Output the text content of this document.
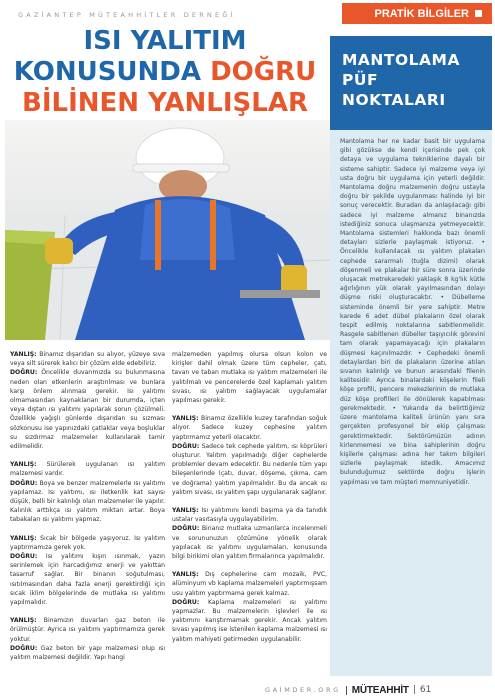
GAZİANTEP MÜTEAHHİTLER DERNEĞİ	PRATİK BİLGİLER
ISI YALITIM
KONUSUNDA DOĞRU
BİLİNEN YANLIŞLAR
MANTOLAMA
PÜF
NOKTALARI

Mantolama her ne kadar basit bir uygulama gibi gözükse de kendi içerisinde pek çok detaya ve uygulama tekniklerine dayalı bir sisteme sahiptir. Sadece iyi malzeme veya iyi usta doğru bir uygulama için yeterli değildir. Mantolama doğru malzemenin doğru ustayla doğru bir şekilde uygulanması halinde iyi bir sonuç verecektir. Buradan da anlaşılacağı gibi sadece iyi malzeme almanız binanızda istediğiniz sonuca ulaşmanıza yetmeyecektir. Mantolama sistemleri hakkında bazı önemli detayları sizlerle paylaşmak istiyoruz. • Öncelikle kullanılacak ısı yalıtım plakaları cephede sararmalı (tuğla dizimi) olarak döşenmeli ve plakalar bir süre sonra üzerinde oluşacak metrekaredeki yaklaşık 8 kg'lık kütle ağırlığının yük olarak yayılmasından dolayı düşme riski oluşturacaktır. • Dübelleme sisteminde önemli bir yere sahiptir. Metre karede 6 adet dübel plakaların özel olarak tespit edilmiş noktalarına sabitlenmelidir. Rasgele sabitlenen dübeller taşıyıcılık görevini tam olarak yapamayacağı için plakaların düşmesi kaçınılmazdır. • Cephedeki önemli detaylardan biri de plakaların üzerine atılan sıvanın kalınlığı ve bunun arasındaki filenin kalitesidir. Ayrıca binalardaki köşelerin fileli köşe profili, pencere mekezlerinin de mutlaka düz köşe profilleri ile dönülerek kapatılması gerekmektedir. • Yukarıda da belirttiğimiz üzere mantolama kaliteli ürünün yanı sıra gerçekten profesyonel bir ekip çalışması gerektirmektedir. Sektörümüzün adının kirlenmemesi ve bina sahiplerinin doğru kişilerle çalışması adına her takım bilgileri sizlerle paylaşmak istedik. Amacımız bulunduğumuz sektörde doğru işlerin yapılması ve tam müşteri memnuniyetidir.

YANLIŞ: Binamız dışarıdan su alıyor, yüzeye sıva veya silt sürerek kalıcı bir çözüm elde edebiliriz.
DOĞRU: Öncelikle duvarımızda su bulunmasına neden olan etkenlerin araştırılması ve bunlara karşı önlem alınması gerekir. Isı yalıtımı olmamasından kaynaklanan bir durumda, içten veya dıştan ısı yalıtımı yapılarak sorun çözülmeli. Özellikle yağışlı günlerde dışarıdan su sızması sözkonusu ise yapınızdaki çatlaklar veya boşluklar su sızdırmaz malzemeler kullanılarak tamir edilmelidir.

YANLIŞ: Sürülerek uygulanan ısı yalıtım malzemesi vardır.
DOĞRU: Boya ve benzer malzemelerle ısı yalıtımı yapılamaz. Isı yalıtımı, ısı iletkenlik kat sayısı düşük, belli bir kalınlığı olan malzemeler ile yapılır. Kalınlık arttıkça ısı yalıtım miktarı artar. Boya tabakaları ısı yalıtımı yapmaz.

YANLIŞ: Sıcak bir bölgede yaşıyoruz. Isı yalıtım yaptırmamıza gerek yok.
DOĞRU: Isı yalıtımı kışın ısınmak, yazın serinlemek için harcadığımız enerji ve yakıttan tasarruf sağlar. Bir binanın soğutulması, ısıtılmasından daha fazla enerji gerektirdiği için sıcak iklim bölgelerinde de mutlaka ısı yalıtımı yapılmalıdır.

YANLIŞ: Binamızın duvarları gaz beton ile örülmüştür. Ayrıca ısı yalıtımı yaptırmamıza gerek yoktur.
DOĞRU: Gaz beton bir yapı malzemesi olup ısı yalıtım malzemesi değildir. Yapı hangi

malzemeden yapılmış olursa olsun kolon ve kirişler dahil olmak üzere tüm cepheler, çatı, tavan ve taban mutlaka ısı yalıtım malzemeleri ile yalıtılmalı ve pencerelerde özel kaplamalı yalıtım sıvası, ısı yalıtım sağlayacak uygulamalar yapılması gerekir.

YANLIŞ: Binamız özellikle kuzey tarafından soğuk alıyor. Sadece kuzey cephesine yalıtım yaptırmamız yeterli olacaktır.
DOĞRU: Sadece tek cephede yalıtım, ısı köprüleri oluşturur. Yalıtım yapılmadığı diğer cephelerde problemler devam edecektir. Bu nedenle tüm yapı bileşenlerinde (çatı, duvar, döşeme, çıkma, cam ve doğrama) yalıtım yapılmalıdır. Bu da ancak ısı yalıtım sıvası, ısı yalıtım şapı uygulanarak sağlanır.

YANLIŞ: Isı yalıtımını kendi başıma ya da tanıdık ustalar vasıtasıyla uygulayabilirim.
DOĞRU: Binanız mutlaka uzmanlarca incelenmeli ve sorununuzun çözümüne yönelik olarak yapılacak ısı yalıtımı uygulamaları, konusunda bilgi birikimi olan yalıtım firmalarınca yapılmalıdır.

YANLIŞ: Dış cephelerine cam mozaik, PVC, alüminyum vb kaplama malzemeleri yaptırmışsam usu yalıtım yaptırmama gerek kalmaz.
DOĞRU: Kaplama malzemeleri ısı yalıtımı yapmazlar. Bu malzemelerin işlevleri ile ısı yalıtımını karıştırmamak gerekir. Ancak yalıtım sıvası yapılmış ise istenilen kaplama malzemesi ısı yalıtım mahiyeti getirmeden uygulanabilir.

GAİMDER.ORG MÜTEAHHİT | 61
